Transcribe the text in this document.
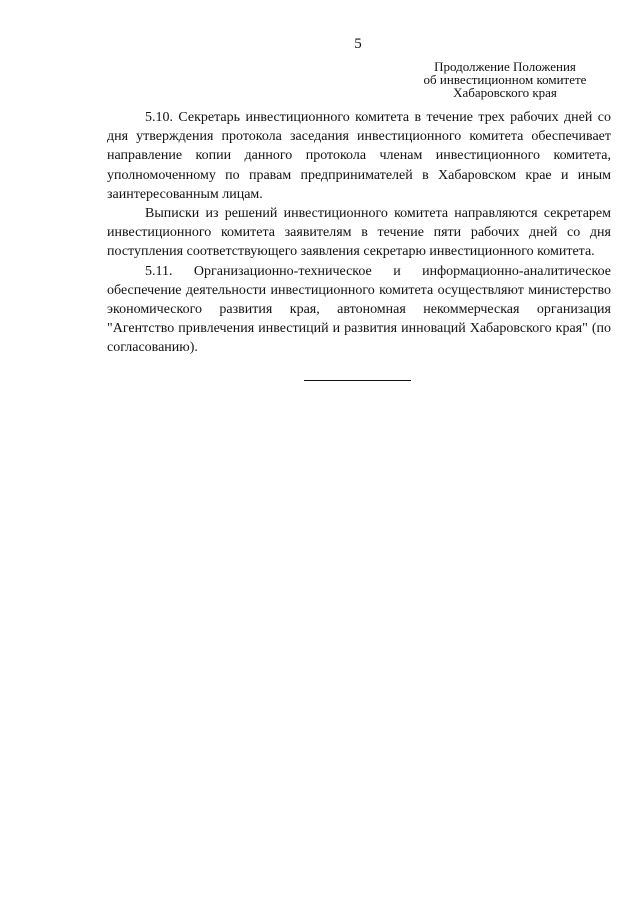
5
Продолжение Положения
об инвестиционном комитете
Хабаровского края

5.10. Секретарь инвестиционного комитета в течение трех рабочих дней со дня утверждения протокола заседания инвестиционного комитета обеспечивает направление копии данного протокола членам инвестиционного комитета, уполномоченному по правам предпринимателей в Хабаровском крае и иным заинтересованным лицам.

Выписки из решений инвестиционного комитета направляются секретарем инвестиционного комитета заявителям в течение пяти рабочих дней со дня поступления соответствующего заявления секретарю инвестиционного комитета.

5.11. Организационно-техническое и информационно-аналитическое обеспечение деятельности инвестиционного комитета осуществляют министерство экономического развития края, автономная некоммерческая организация "Агентство привлечения инвестиций и развития инноваций Хабаровского края" (по согласованию).
